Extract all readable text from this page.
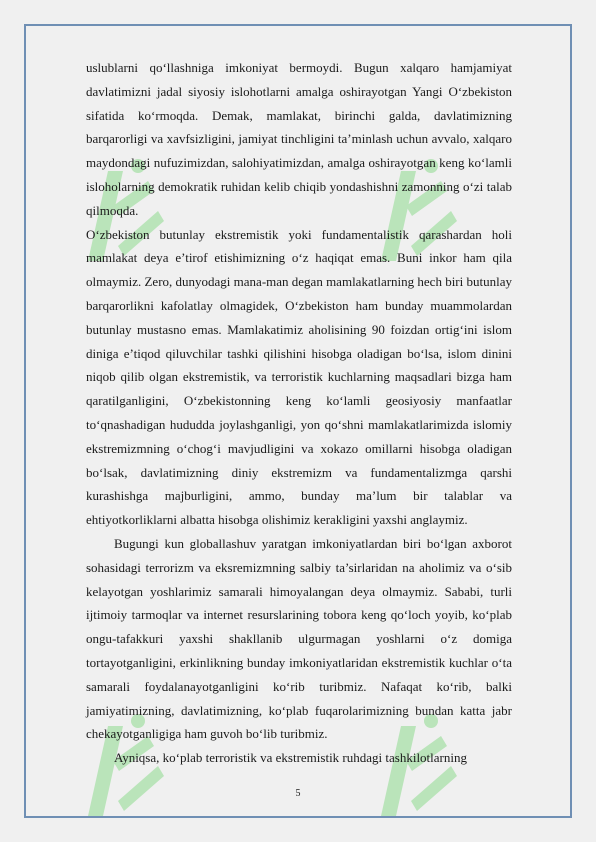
uslublarni qo‘llashniga imkoniyat bermoydi. Bugun xalqaro hamjamiyat davlatimizni jadal siyosiy islohotlarni amalga oshirayotgan Yangi O‘zbekiston sifatida ko‘rmoqda. Demak, mamlakat, birinchi galda, davlatimizning barqarorligi va xavfsizligini, jamiyat tinchligini ta’minlash uchun avvalo, xalqaro maydondagi nufuzimizdan, salohiyatimizdan, amalga oshirayotgan keng ko‘lamli isloholarning demokratik ruhidan kelib chiqib yondashishni zamonning o‘zi talab qilmoqda.

O‘zbekiston butunlay ekstremistik yoki fundamentalistik qarashardan holi mamlakat deya e’tirof etishimizning o‘z haqiqat emas. Buni inkor ham qila olmaymiz. Zero, dunyodagi mana-man degan mamlakatlarning hech biri butunlay barqarorlikni kafolatlay olmagidek, O‘zbekiston ham bunday muammolardan butunlay mustasno emas. Mamlakatimiz aholisining 90 foizdan ortig‘ini islom diniga e’tiqod qiluvchilar tashki qilishini hisobga oladigan bo‘lsa, islom dinini niqob qilib olgan ekstremistik, va terroristik kuchlarning maqsadlari bizga ham qaratilganligini, O‘zbekistonning keng ko‘lamli geosiyosiy manfaatlar to‘qnashadigan hududda joylashganligi, yon qo‘shni mamlakatlarimizda islomiy ekstremizmning o‘chog‘i mavjudligini va xokazo omillarni hisobga oladigan bo‘lsak, davlatimizning diniy ekstremizm va fundamentalizmga qarshi kurashishga majburligini, ammo, bunday ma’lum bir talablar va ehtiyotkorliklarni albatta hisobga olishimiz kerakligini yaxshi anglaymiz.

Bugungi kun globallashuv yaratgan imkoniyatlardan biri bo‘lgan axborot sohasidagi terrorizm va eksremizmning salbiy ta’sirlaridan na aholimiz va o‘sib kelayotgan yoshlarimiz samarali himoyalangan deya olmaymiz. Sababi, turli ijtimoiy tarmoqlar va internet resurslarining tobora keng qo‘loch yoyib, ko‘plab ongu-tafakkuri yaxshi shakllanib ulgurmagan yoshlarni o‘z domiga tortayotganligini, erkinlikning bunday imkoniyatlaridan ekstremistik kuchlar o‘ta samarali foydalanayotganligini ko‘rib turibmiz. Nafaqat ko‘rib, balki jamiyatimizning, davlatimizning, ko‘plab fuqarolarimizning bundan katta jabr chekayotganligiga ham guvoh bo‘lib turibmiz.

Ayniqsa, ko‘plab terroristik va ekstremistik ruhdagi tashkilotlarning

5
